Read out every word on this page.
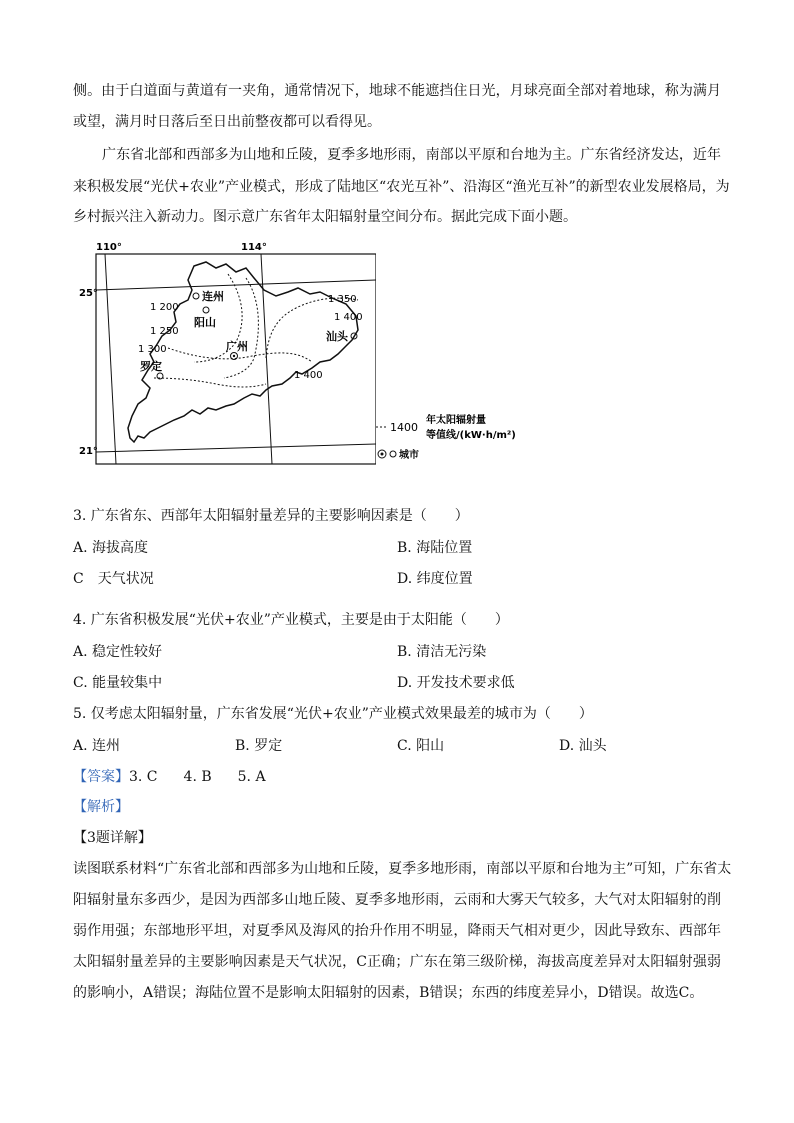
侧。由于白道面与黄道有一夹角，通常情况下，地球不能遮挡住日光，月球亮面全部对着地球，称为满月
或望，满月时日落后至日出前整夜都可以看得见。
广东省北部和西部多为山地和丘陵，夏季多地形雨，南部以平原和台地为主。广东省经济发达，近年
来积极发展“光伏+农业”产业模式，形成了陆地区“农光互补”、沿海区“渔光互补”的新型农业发展格局，为
乡村振兴注入新动力。图示意广东省年太阳辐射量空间分布。据此完成下面小题。
110°	114°
25°
21°
1 200
1 250
1 300
1 350
1 400
1 400
连州
阳山
广州
罗定
汕头
1400
年太阳辐射量
等值线/(kW·h/m²)
城市
3. 广东省东、西部年太阳辐射量差异的主要影响因素是（　　）
A. 海拔高度	B. 海陆位置
C　天气状况	D. 纬度位置
4. 广东省积极发展“光伏+农业”产业模式，主要是由于太阳能（　　）
A. 稳定性较好	B. 清洁无污染
C. 能量较集中	D. 开发技术要求低
5. 仅考虑太阳辐射量，广东省发展“光伏+农业”产业模式效果最差的城市为（　　）
A. 连州	B. 罗定	C. 阳山	D. 汕头
【答案】3. C 4. B 5. A
【解析】
【3题详解】
读图联系材料“广东省北部和西部多为山地和丘陵，夏季多地形雨，南部以平原和台地为主”可知，广东省太
阳辐射量东多西少，是因为西部多山地丘陵、夏季多地形雨，云雨和大雾天气较多，大气对太阳辐射的削
弱作用强；东部地形平坦，对夏季风及海风的抬升作用不明显，降雨天气相对更少，因此导致东、西部年
太阳辐射量差异的主要影响因素是天气状况，C正确；广东在第三级阶梯，海拔高度差异对太阳辐射强弱
的影响小，A错误；海陆位置不是影响太阳辐射的因素，B错误；东西的纬度差异小，D错误。故选C。
